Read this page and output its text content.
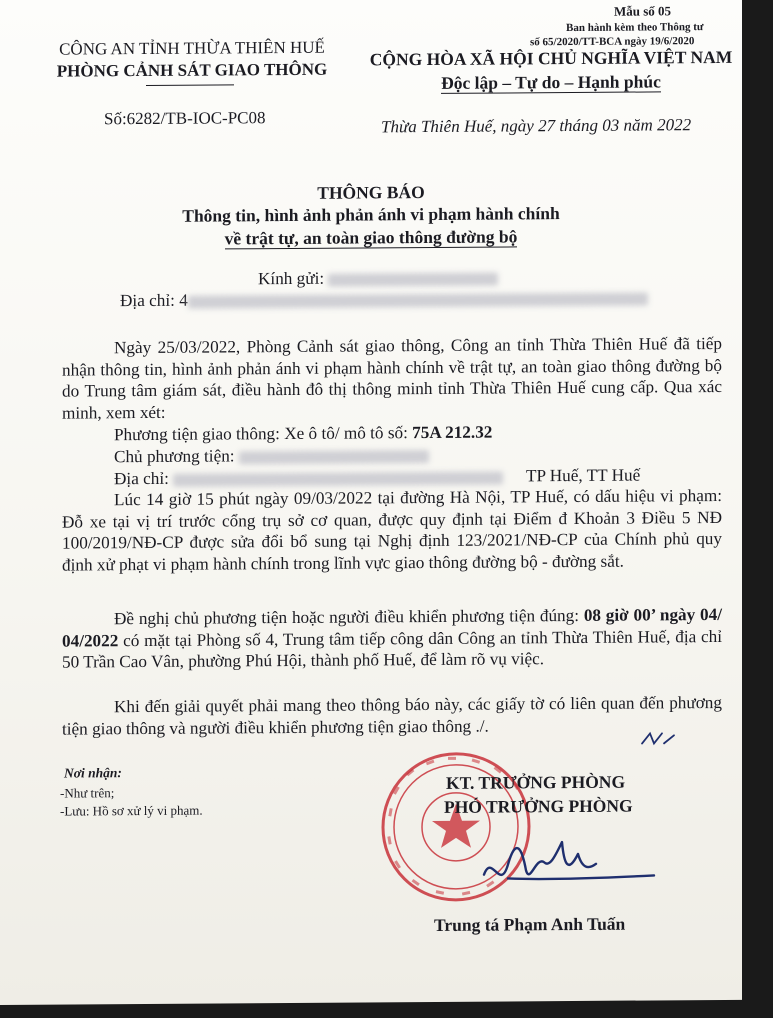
Mẫu số 05
Ban hành kèm theo Thông tư
số 65/2020/TT-BCA ngày 19/6/2020
CÔNG AN TỈNH THỪA THIÊN HUẾ
PHÒNG CẢNH SÁT GIAO THÔNG
Số:6282/TB-IOC-PC08
CỘNG HÒA XÃ HỘI CHỦ NGHĨA VIỆT NAM
Độc lập – Tự do – Hạnh phúc
Thừa Thiên Huế, ngày 27 tháng 03 năm 2022
THÔNG BÁO
Thông tin, hình ảnh phản ánh vi phạm hành chính
về trật tự, an toàn giao thông đường bộ
Kính gửi:
Địa chỉ: 4
Ngày 25/03/2022, Phòng Cảnh sát giao thông, Công an tỉnh Thừa Thiên Huế đã tiếp nhận thông tin, hình ảnh phản ánh vi phạm hành chính về trật tự, an toàn giao thông đường bộ do Trung tâm giám sát, điều hành đô thị thông minh tỉnh Thừa Thiên Huế cung cấp. Qua xác minh, xem xét:
Phương tiện giao thông: Xe ô tô/ mô tô số: 75A 212.32
Chủ phương tiện:
Địa chỉ:	TP Huế, TT Huế
Lúc 14 giờ 15 phút ngày 09/03/2022 tại đường Hà Nội, TP Huế, có dấu hiệu vi phạm: Đỗ xe tại vị trí trước cổng trụ sở cơ quan, được quy định tại Điểm đ Khoản 3 Điều 5 NĐ 100/2019/NĐ-CP được sửa đổi bổ sung tại Nghị định 123/2021/NĐ-CP của Chính phủ quy định xử phạt vi phạm hành chính trong lĩnh vực giao thông đường bộ - đường sắt.
Đề nghị chủ phương tiện hoặc người điều khiển phương tiện đúng: 08 giờ 00’ ngày 04/ 04/2022 có mặt tại Phòng số 4, Trung tâm tiếp công dân Công an tỉnh Thừa Thiên Huế, địa chỉ 50 Trần Cao Vân, phường Phú Hội, thành phố Huế, để làm rõ vụ việc.
Khi đến giải quyết phải mang theo thông báo này, các giấy tờ có liên quan đến phương tiện giao thông và người điều khiển phương tiện giao thông ./.
Nơi nhận:
-Như trên;
-Lưu: Hồ sơ xử lý vi phạm.
KT. TRƯỞNG PHÒNG
PHÓ TRƯỞNG PHÒNG
Trung tá Phạm Anh Tuấn
